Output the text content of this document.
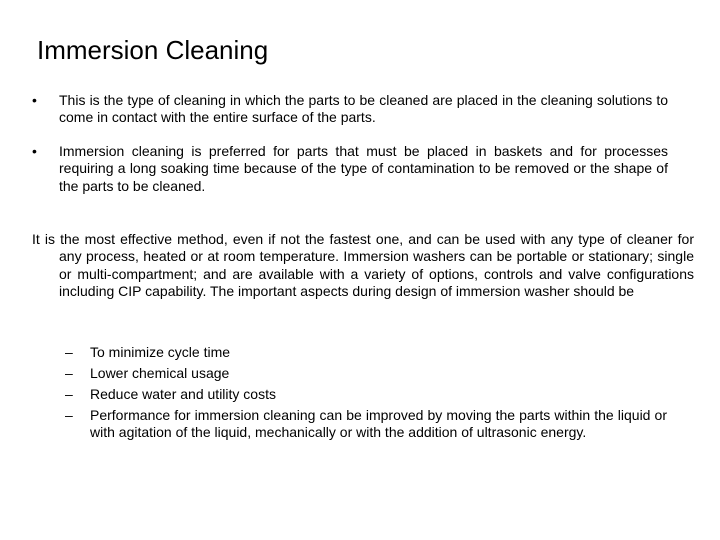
Immersion Cleaning
• This is the type of cleaning in which the parts to be cleaned are placed in the cleaning solutions to come in contact with the entire surface of the parts.
• Immersion cleaning is preferred for parts that must be placed in baskets and for processes requiring a long soaking time because of the type of contamination to be removed or the shape of the parts to be cleaned.

It is the most effective method, even if not the fastest one, and can be used with any type of cleaner for any process, heated or at room temperature. Immersion washers can be portable or stationary; single or multi-compartment; and are available with a variety of options, controls and valve configurations including CIP capability. The important aspects during design of immersion washer should be

– To minimize cycle time
– Lower chemical usage
– Reduce water and utility costs
– Performance for immersion cleaning can be improved by moving the parts within the liquid or with agitation of the liquid, mechanically or with the addition of ultrasonic energy.
